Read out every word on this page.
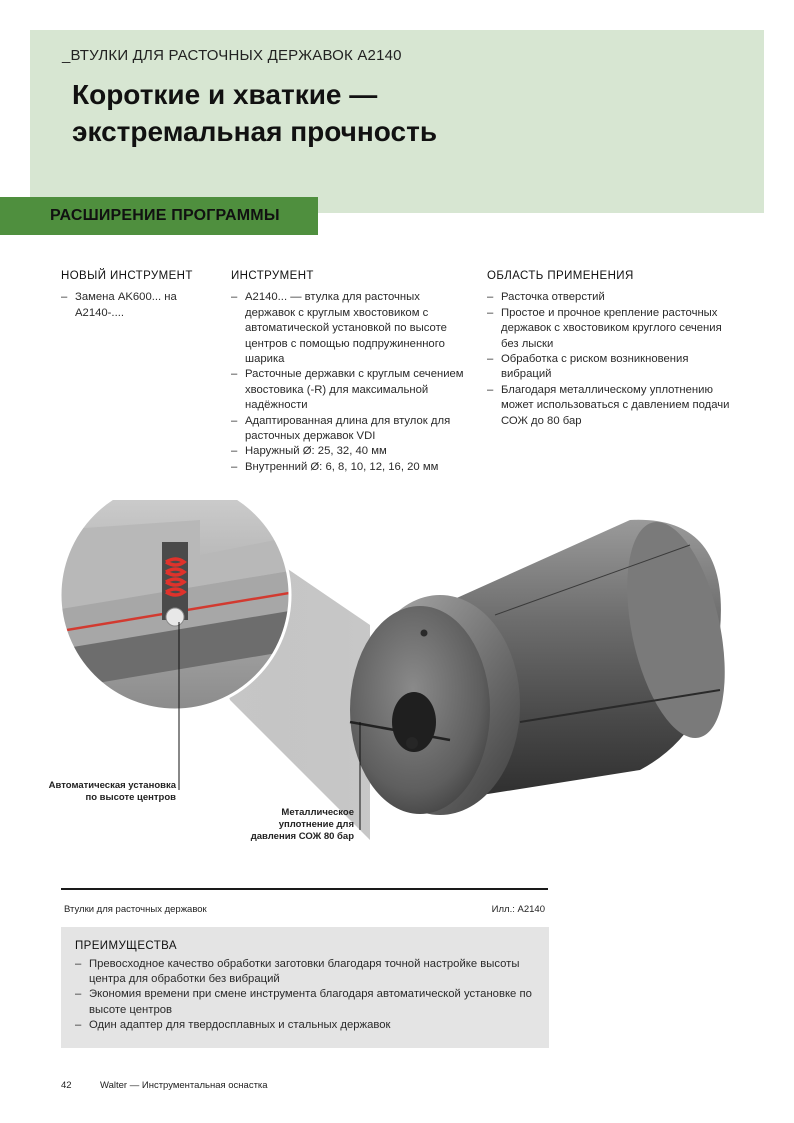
_ВТУЛКИ ДЛЯ РАСТОЧНЫХ ДЕРЖАВОК A2140
Короткие и хваткие —
экстремальная прочность
РАСШИРЕНИЕ ПРОГРАММЫ
НОВЫЙ ИНСТРУМЕНТ
– Замена AK600... на A2140-....
ИНСТРУМЕНТ
– A2140... — втулка для расточных державок с круглым хвостовиком с автоматической установкой по высоте центров с помощью подпружиненного шарика
– Расточные державки с круглым сечением хвостовика (-R) для максимальной надёжности
– Адаптированная длина для втулок для расточных державок VDI
– Наружный Ø: 25, 32, 40 мм
– Внутренний Ø: 6, 8, 10, 12, 16, 20 мм
ОБЛАСТЬ ПРИМЕНЕНИЯ
– Расточка отверстий
– Простое и прочное крепление расточных державок с хвостовиком круглого сечения без лыски
– Обработка с риском возникновения вибраций
– Благодаря металлическому уплотнению может использоваться с давлением подачи СОЖ до 80 бар
Автоматическая установка по высоте центров
Металлическое уплотнение для давления СОЖ 80 бар
Втулки для расточных державок	Илл.: A2140
ПРЕИМУЩЕСТВА
– Превосходное качество обработки заготовки благодаря точной настройке высоты центра для обработки без вибраций
– Экономия времени при смене инструмента благодаря автоматической установке по высоте центров
– Один адаптер для твердосплавных и стальных державок
42	Walter — Инструментальная оснастка
